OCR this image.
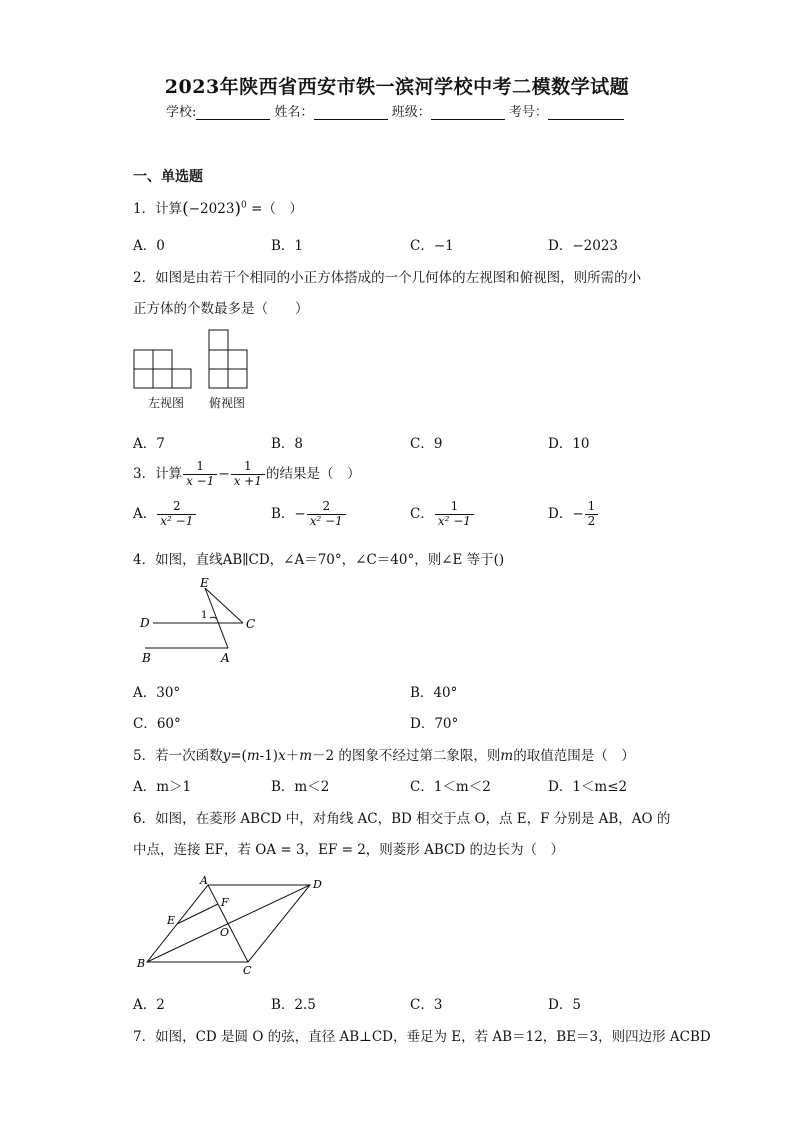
2023年陕西省西安市铁一滨河学校中考二模数学试题
学校:	姓名：	班级：	考号：
一、单选题
1．计算$(-2023)^0$ =（　）
A．0	B．1	C．−1	D．−2023
2．如图是由若干个相同的小正方体搭成的一个几何体的左视图和俯视图，则所需的小
正方体的个数最多是（　　）
左视图 俯视图
A．7	B．8	C．9	D．10
3．计算 $\frac{1}{x -1} - \frac{1}{x +1}$ 的结果是（　）
A． $\frac{2}{\text{x² −1}}$	B．− $\frac{2}{\text{x² −1}}$	C． $\frac{1}{\text{x² −1}}$	D．− $\frac{1}{2}$
4．如图，直线AB∥CD，∠A＝70°，∠C＝40°，则∠E 等于()
E
D	C
B	A
1
A．30°	B．40°
C．60°	D．70°
5．若一次函数y=(m-1)x＋m－2 的图象不经过第二象限，则m的取值范围是（　）
A．m＞1	B．m＜2	C．1＜m＜2	D．1＜m≤2
6．如图，在菱形 ABCD 中，对角线 AC，BD 相交于点 O，点 E，F 分别是 AB，AO 的
中点，连接 EF，若 OA = 3，EF = 2，则菱形 ABCD 的边长为（　）
A	D
E
F
O
B
C
A．2	B．2.5	C．3	D．5
7．如图，CD 是圆 O 的弦，直径 AB⊥CD，垂足为 E，若 AB＝12，BE＝3，则四边形 ACBD
